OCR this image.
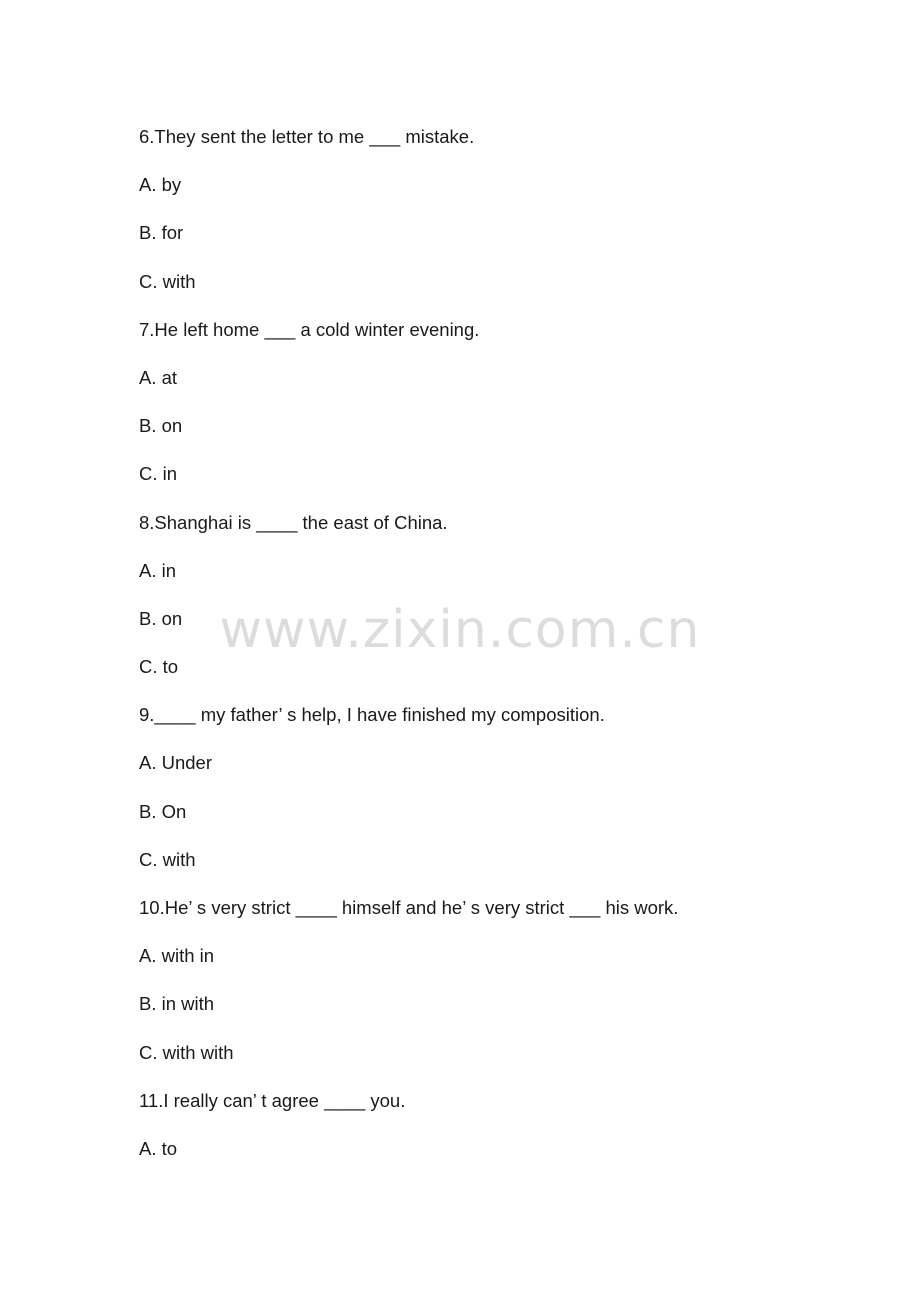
6.They sent the letter to me ___ mistake.
A. by
B. for
C. with
7.He left home ___ a cold winter evening.
A. at
B. on
C. in
8.Shanghai is ____ the east of China.
A. in
B. on
C. to
9.____ my father’ s help, I have finished my composition.
A. Under
B. On
C. with
10.He’ s very strict ____ himself and he’ s very strict ___ his work.
A. with in
B. in with
C. with with
11.I really can’ t agree ____ you.
A. to
www.zixin.com.cn
